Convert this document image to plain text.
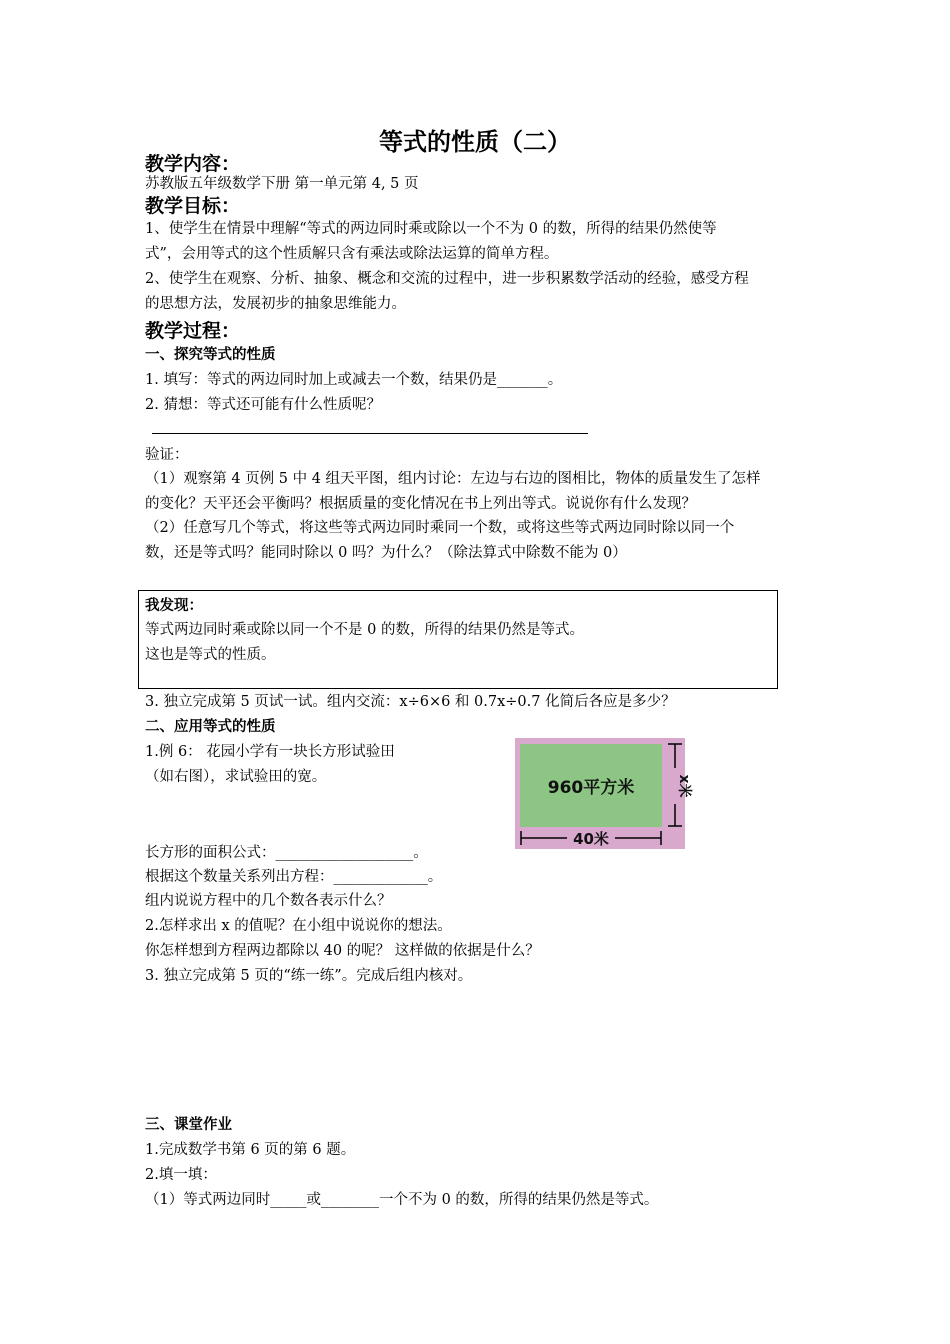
等式的性质（二）
教学内容：
苏教版五年级数学下册 第一单元第 4, 5 页
教学目标：
1、使学生在情景中理解“等式的两边同时乘或除以一个不为 0 的数，所得的结果仍然使等
式”，会用等式的这个性质解只含有乘法或除法运算的简单方程。
2、使学生在观察、分析、抽象、概念和交流的过程中，进一步积累数学活动的经验，感受方程
的思想方法，发展初步的抽象思维能力。
教学过程：
一、探究等式的性质
1. 填写：等式的两边同时加上或减去一个数，结果仍是_______。
2. 猜想：等式还可能有什么性质呢？
验证：
（1）观察第 4 页例 5 中 4 组天平图，组内讨论：左边与右边的图相比，物体的质量发生了怎样
的变化？天平还会平衡吗？根据质量的变化情况在书上列出等式。说说你有什么发现？
（2）任意写几个等式，将这些等式两边同时乘同一个数，或将这些等式两边同时除以同一个
数，还是等式吗？能同时除以 0 吗？为什么？（除法算式中除数不能为 0）
我发现：
等式两边同时乘或除以同一个不是 0 的数，所得的结果仍然是等式。
这也是等式的性质。
3. 独立完成第 5 页试一试。组内交流：x÷6×6 和 0.7x÷0.7 化简后各应是多少？
二、应用等式的性质
1.例 6： 花园小学有一块长方形试验田
（如右图），求试验田的宽。
960平方米
40米
x米
长方形的面积公式：___________________。
根据这个数量关系列出方程：_____________。
组内说说方程中的几个数各表示什么？
2.怎样求出 x 的值呢？在小组中说说你的想法。
你怎样想到方程两边都除以 40 的呢？ 这样做的依据是什么？
3. 独立完成第 5 页的“练一练”。完成后组内核对。
三、课堂作业
1.完成数学书第 6 页的第 6 题。
2.填一填：
（1）等式两边同时_____或________一个不为 0 的数，所得的结果仍然是等式。
